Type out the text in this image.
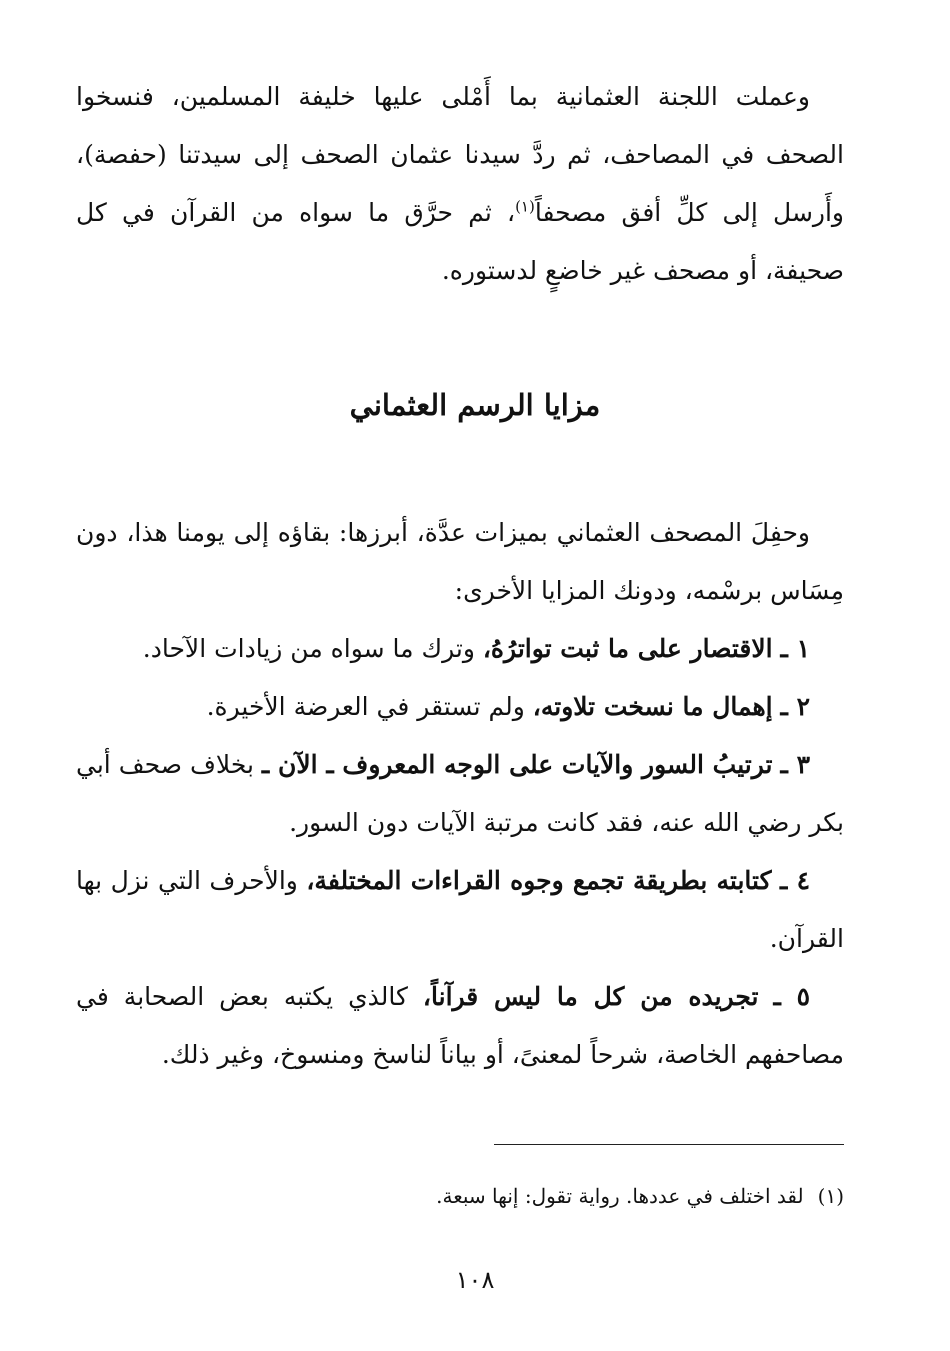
وعملت اللجنة العثمانية بما أَمْلى عليها خليفة المسلمين، فنسخوا الصحف في المصاحف، ثم ردَّ سيدنا عثمان الصحف إلى سيدتنا (حفصة)، وأَرسل إلى كلِّ أفق مصحفاً$^{(١)}$، ثم حرَّق ما سواه من القرآن في كل صحيفة، أو مصحف غير خاضعٍ لدستوره.

مزايا الرسم العثماني

وحفِلَ المصحف العثماني بميزات عدَّة، أبرزها: بقاؤه إلى يومنا هذا، دون مِسَاس برسْمه، ودونك المزايا الأخرى:

١ ـ الاقتصار على ما ثبت تواترُهُ، وترك ما سواه من زيادات الآحاد.

٢ ـ إهمال ما نسخت تلاوته، ولم تستقر في العرضة الأخيرة.

٣ ـ ترتيبُ السور والآيات على الوجه المعروف ـ الآن ـ بخلاف صحف أبي بكر رضي الله عنه، فقد كانت مرتبة الآيات دون السور.

٤ ـ كتابته بطريقة تجمع وجوه القراءات المختلفة، والأحرف التي نزل بها القرآن.

٥ ـ تجريده من كل ما ليس قرآناً، كالذي يكتبه بعض الصحابة في مصاحفهم الخاصة، شرحاً لمعنىً، أو بياناً لناسخ ومنسوخ، وغير ذلك.

(١)لقد اختلف في عددها. رواية تقول: إنها سبعة.
١٠٨
